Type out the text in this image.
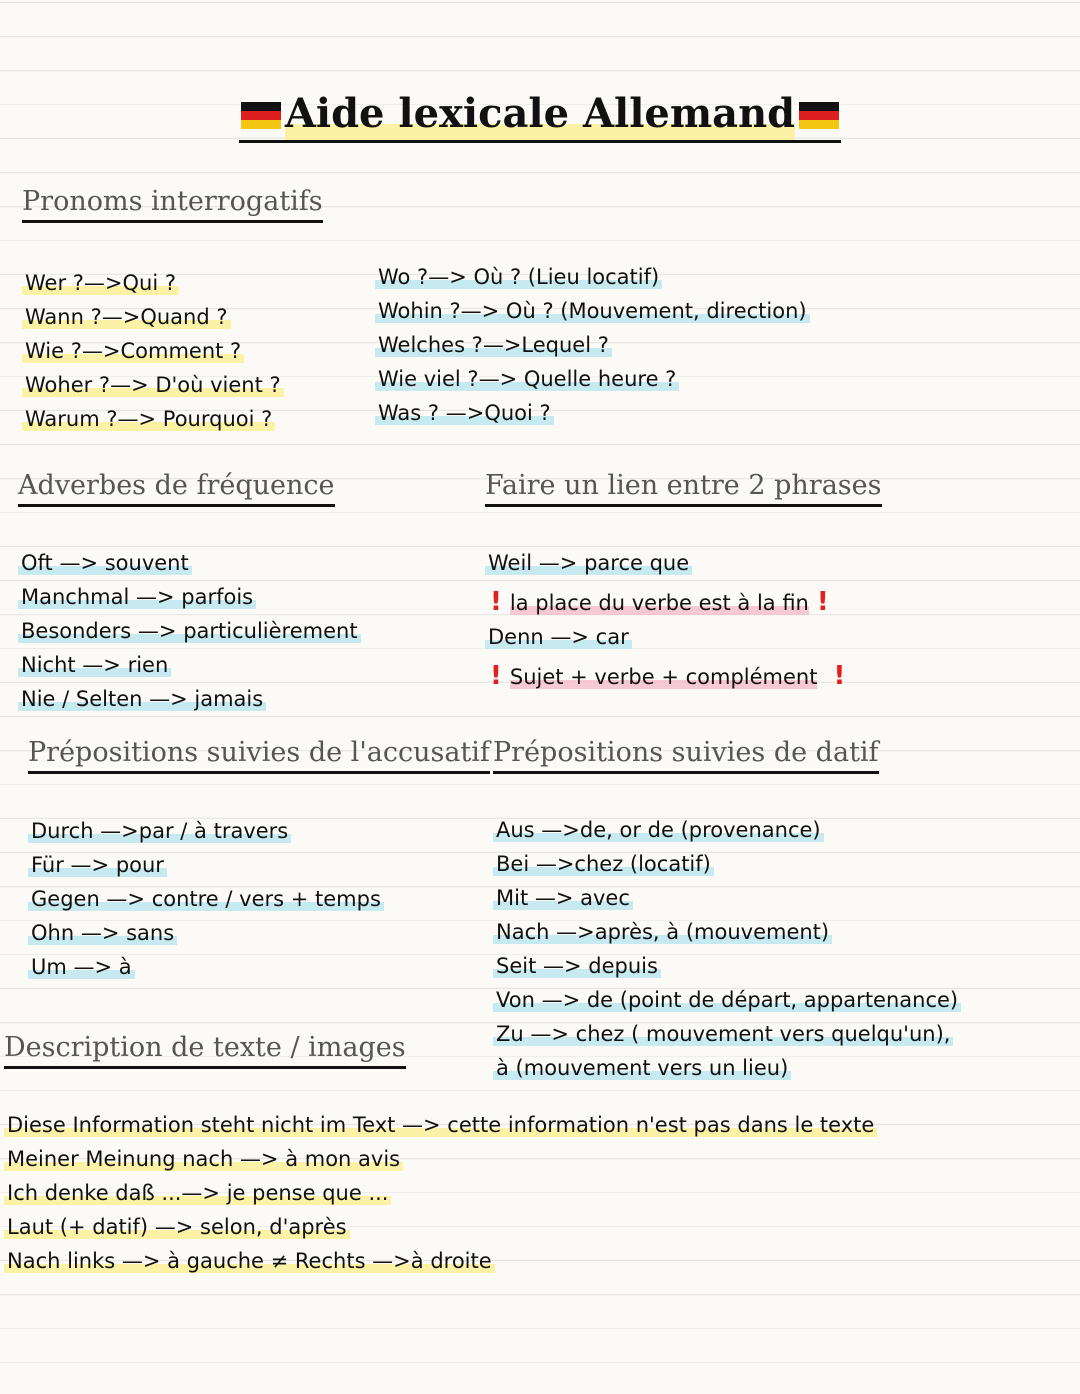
Aide lexicale Allemand
Pronoms interrogatifs
Wer ?—>Qui ?
Wann ?—>Quand ?
Wie ?—>Comment ?
Woher ?—> D'où vient ?
Warum ?—> Pourquoi ?
Wo ?—> Où ? (Lieu locatif)
Wohin ?—> Où ? (Mouvement, direction)
Welches ?—>Lequel ?
Wie viel ?—> Quelle heure ?
Was ? —>Quoi ?
Adverbes de fréquence
Oft —> souvent
Manchmal —> parfois
Besonders —> particulièrement
Nicht —> rien
Nie / Selten —> jamais
Faire un lien entre 2 phrases
Weil —> parce que
! la place du verbe est à la fin !
Denn —> car
! Sujet + verbe + complément !
Prépositions suivies de l'accusatif
Durch —>par / à travers
Für —> pour
Gegen —> contre / vers + temps
Ohn —> sans
Um —> à
Prépositions suivies de datif
Aus —>de, or de (provenance)
Bei —>chez (locatif)
Mit —> avec
Nach —>après, à (mouvement)
Seit —> depuis
Von —> de (point de départ, appartenance)
Zu —> chez ( mouvement vers quelqu'un),
à (mouvement vers un lieu)
Description de texte / images
Diese Information steht nicht im Text —> cette information n'est pas dans le texte
Meiner Meinung nach —> à mon avis
Ich denke daß ...—> je pense que ...
Laut (+ datif) —> selon, d'après
Nach links —> à gauche ≠ Rechts —>à droite
